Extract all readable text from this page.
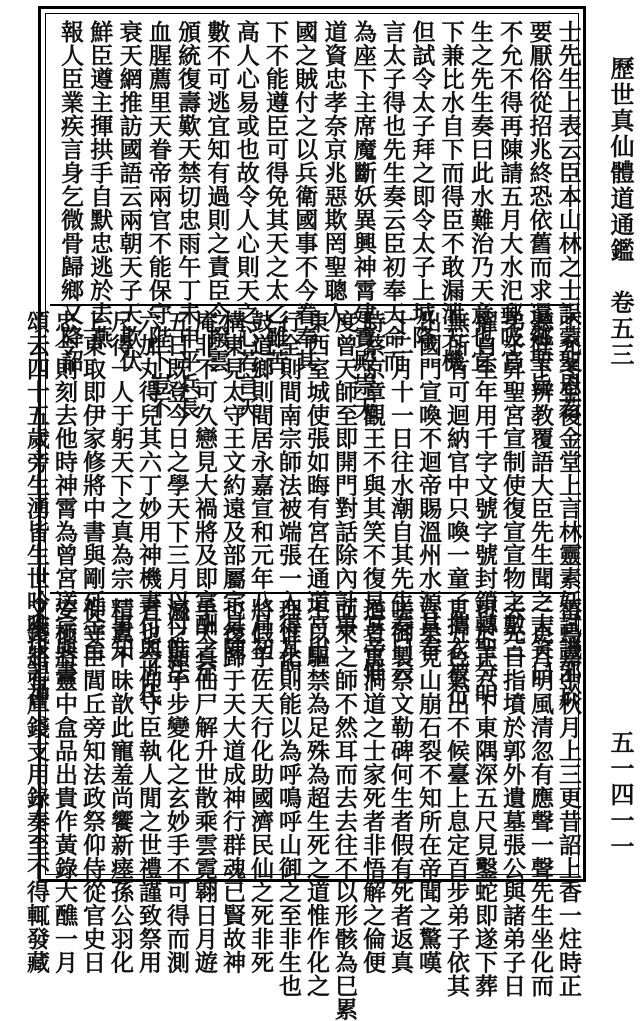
歷世真仙體道通鑑　卷五三
五一四一一
士先生上表云臣本山林之士誤蒙聖恩若
要厭俗從招兆終恐依舊而求還鄉聖旨
不允不得再陳請五月大水汜郵吸宮
生之先生奏曰此水難治乃天意也宜
下兼比水自下而得臣不敢漏泄天機
但試令太子拜之即令太子上城降
言太子得也先生奏云臣初奉天命而
為座下主席魔斷妖異興神霄建寶殿崇天
道資忠孝奈京兆惡欺罔聖聰人
國之賊付之以兵衛國事不今眷奉其
下不能遵臣可得免其天之太乙雖苦
高人心易或也故令人心則天之心若言天
數不可逃宜知有過則之責臣今撥雲
頒統復壽歎天禁切忠雨午丁未申平兵長
血腥薦里天眷帝兩官不能保守陛下豈不
衰天網推訪國語云兩朝天子天欺伏
鮮臣遵主揮拱手自默忠逃於去燕
報人臣業疾言身乞微骨歸鄉又降詔
不允冬至後金堂上言林靈素妖試譏邪於
聽陛下辨教覆語大臣先生聞之大笑曰
弟子昇聖宮宣制使復宣宣物之數三
擢自至年用千字文號字號封鎖轉聖分明
無所有可迴納官中只喚一童子攜衣被行
出國門宣喚不迴帝賜溫州水源其奉
十二月十一日往水潮自其先生奏曰云
時蔡京章觀王不與其笑不復見宮帝惟
度曾天師至即開門對話除內計事
東西室城使張如晦有宮在通道宮出
行全則間南宗師法被端張一入得其門
鼓道鄉則間居永嘉宣和元年八月初一
構東見太守王文約遠及部屬宗具陳
庵非不可久戀見大禍將及即富酬之至
五日既登今日之學天下三月以付惟法
六加丸得兒其六丁妙用神機書付與世代
尺得一人于躬天下之真為宗一事知
上東取即伊家修將中書與剛延金至
忠今則刻去他時神霄為曾宮送宗與書
頌云四十五歲旁生湧皆生世吟唯只記神
雷鳥嘉中秋月上三更昔詔上香一炷時正
三更月明風清忽有應聲一聲先生坐化而
去先自指墳於郭外遺墓張公與諸弟子日
可於正六下東隅深五尺見鑿蛇即遂下葬
見五色氣出不候臺上息定百步弟子依其
言果見山崩石裂不知所在帝聞之驚嘆
嗟御製祭文勒碑何生者假有死者返真
道者寓洞道之士家死者非悟解之倫便
而來之師不然耳而去去往不以形骸為巳累
不以驅禁為足殊為超生死之道惟作化之
理惟化則能以為呼鳴呼山御之至非生也
將假手佐天行化助國濟民仙之死非死
也復歸于天大道成神行群魂已賢故神
手天真仙尸解升世散乘雲霓翱日月遊
瀛之顯手步變化之玄妙手不可得而測
者也今仰守臣執人閒之世禮謹致祭用
精冀不昧歆此寵羞尚饗新瘗孫公羽化
仰守臣閭丘旁知法政祭仰侍從官史日
安極將靈中盒品出貴作黃錄大醮一月
又錢將有庫錢支用錄奏至不得輒發藏
